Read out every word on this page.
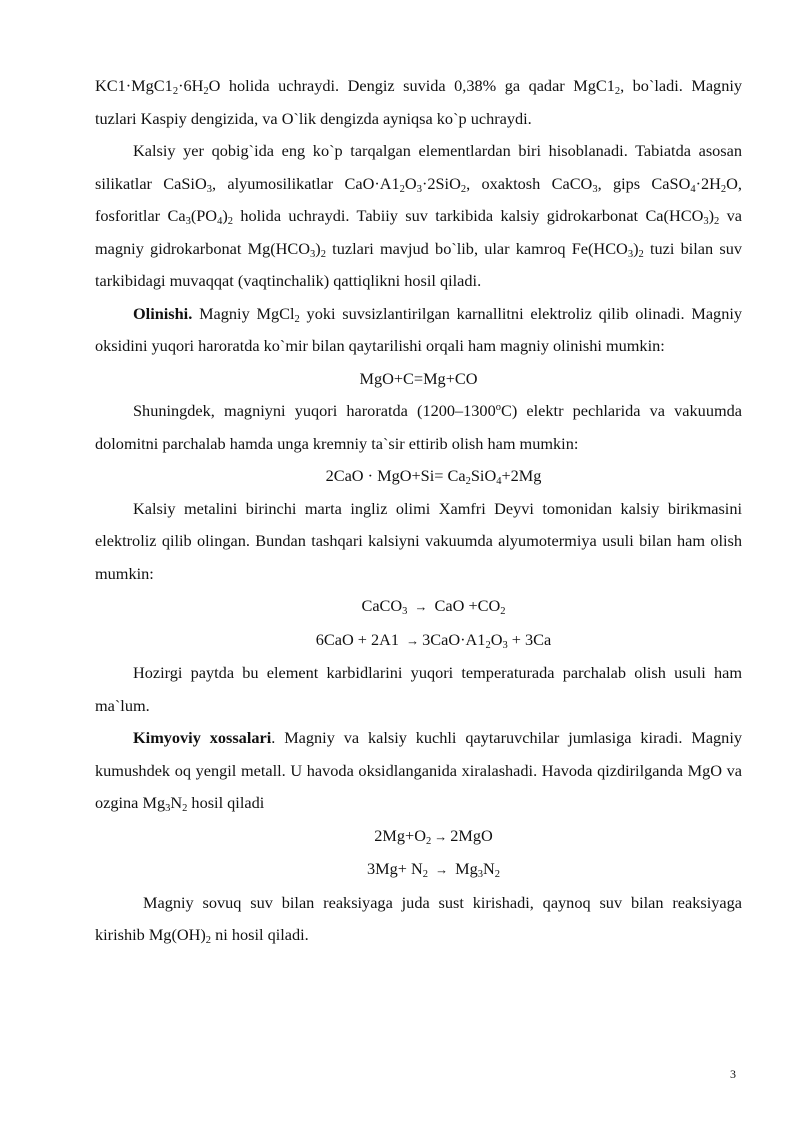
$KC1\cdot MgC1_2\cdot 6H_2O$ holida uchraydi. Dengiz suvida 0,38% ga qadar $MgC1_2$, bo`ladi. Magniy tuzlari Kaspiy dengizida, va O`lik dengizda ayniqsa ko`p uchraydi.

Kalsiy yer qobig`ida eng ko`p tarqalgan elementlardan biri hisoblanadi. Tabiatda asosan silikatlar CaSiO$_3$, alyumosilikatlar $CaO\cdot A1_2O_3\cdot 2SiO_2$, oxaktosh CaCO$_3$, gips $CaSO_4\cdot 2H_2O$, fosforitlar $Ca_3(PO_4)_2$ holida uchraydi. Tabiiy suv tarkibida kalsiy gidrokarbonat $Ca(HCO_3)_2$ va magniy gidrokarbonat $Mg(HCO_3)_2$ tuzlari mavjud bo`lib, ular kamroq $Fe(HCO_3)_2$ tuzi bilan suv tarkibidagi muvaqqat (vaqtinchalik) qattiqlikni hosil qiladi.

Olinishi. Magniy MgCl$_2$ yoki suvsizlantirilgan karnallitni elektroliz qilib olinadi. Magniy oksidini yuqori haroratda ko`mir bilan qaytarilishi orqali ham magniy olinishi mumkin:

MgO+C=Mg+CO

Shuningdek, magniyni yuqori haroratda (1200–1300$^o$C) elektr pechlarida va vakuumda dolomitni parchalab hamda unga kremniy ta`sir ettirib olish ham mumkin:

$2CaO \cdot MgO+Si= Ca_2SiO_4+2Mg$

Kalsiy metalini birinchi marta ingliz olimi Xamfri Deyvi tomonidan kalsiy birikmasini elektroliz qilib olingan. Bundan tashqari kalsiyni vakuumda alyumotermiya usuli bilan ham olish mumkin:

CaCO$_3$ → CaO $+CO_2$

$6CaO + 2A1 \to 3CaO\cdot A1_2O_3 + 3Ca$

Hozirgi paytda bu element karbidlarini yuqori temperaturada parchalab olish usuli ham ma`lum.

Kimyoviy xossalari. Magniy va kalsiy kuchli qaytaruvchilar jumlasiga kiradi. Magniy kumushdek oq yengil metall. U havoda oksidlanganida xiralashadi. Havoda qizdirilganda MgO va ozgina $Mg_3N_2$ hosil qiladi

$2Mg+O_2 \to 2MgO$

$3Mg+ N_2 \to Mg_3N_2$

Magniy sovuq suv bilan reaksiyaga juda sust kirishadi, qaynoq suv bilan reaksiyaga kirishib $Mg(OH)_2$ ni hosil qiladi.

3
